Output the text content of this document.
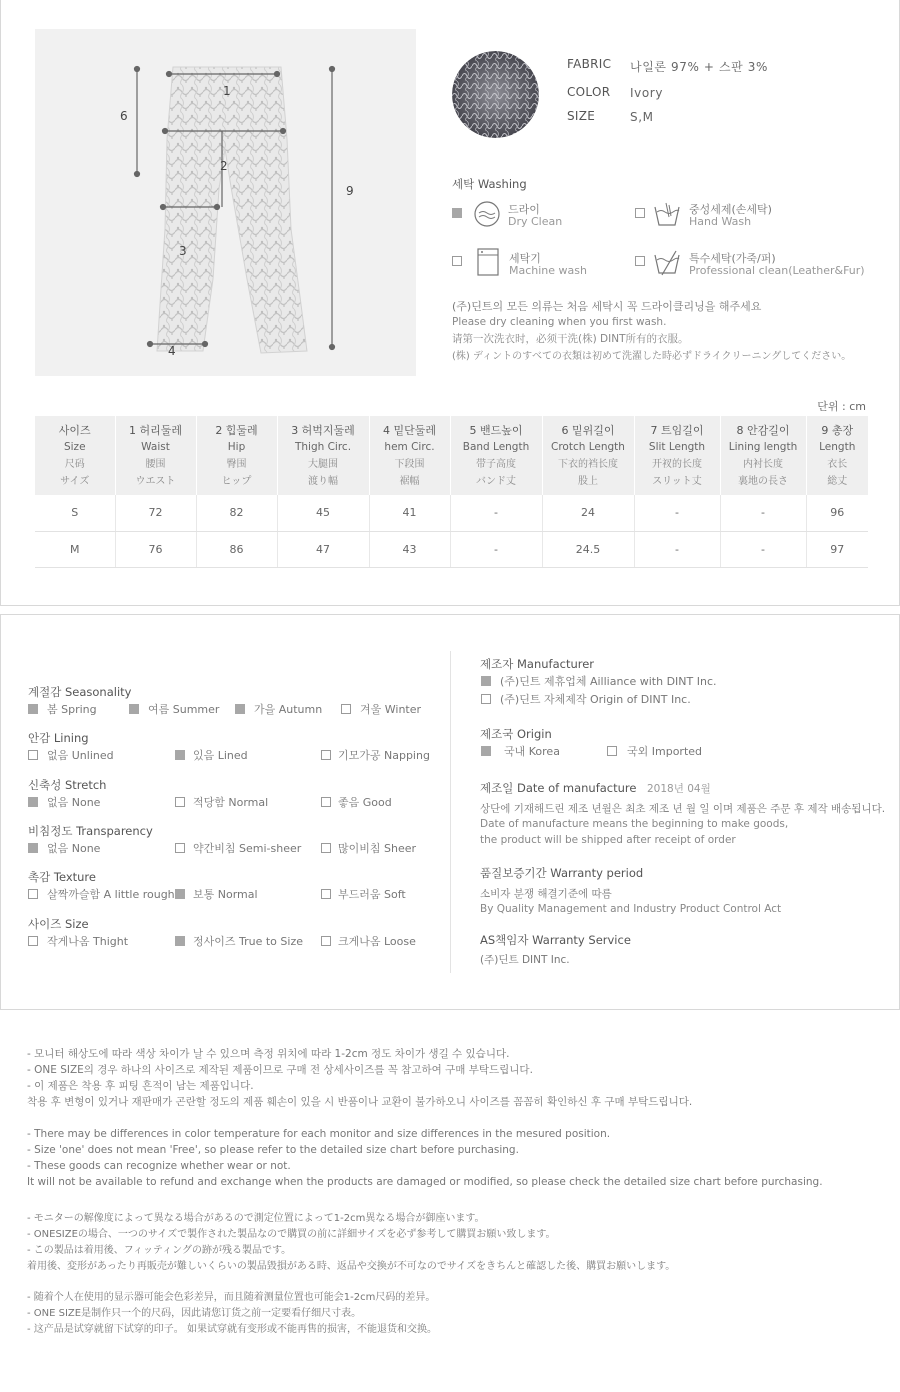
1
2
3
4
6
9
FABRIC 나일론 97% + 스판 3%
COLOR Ivory
SIZE	S,M
세탁 Washing
드라이
Dry Clean
중성세제(손세탁)
Hand Wash
세탁기
Machine wash
특수세탁(가죽/퍼)
Professional clean(Leather&Fur)
(주)딘트의 모든 의류는 처음 세탁시 꼭 드라이클리닝을 해주세요
Please dry cleaning when you first wash.
请第一次洗衣时，必须干洗(株) DINT所有的衣服。
(株) ディントのすべての衣類は初めて洗濯した時必ずドライクリーニングしてください。
단위 : cm
사이즈
Size
尺码
サイズ	1 허리둘레
Waist
腰围
ウエスト	2 힙둘레
Hip
臀围
ヒップ	3 허벅지둘레
Thigh Circ.
大腿围
渡り幅	4 밑단둘레
hem Circ.
下段围
裾幅	5 밴드높이
Band Length
带子高度
バンド丈	6 밑위길이
Crotch Length
下衣的裆长度
股上	7 트임길이
Slit Length
开衩的长度
スリット丈	8 안감길이
Lining length
内衬长度
裏地の長さ	9 총장
Length
衣长
総丈

S	72	82	45	41	-	24	-	-	96
M	76	86	47	43	-	24.5	-	-	97
계절감 Seasonality
봄 Spring	여름 Summer	가을 Autumn	겨울 Winter
안감 Lining
없음 Unlined	있음 Lined	기모가공 Napping
신축성 Stretch
없음 None	적당함 Normal	좋음 Good
비침정도 Transparency
없음 None	약간비침 Semi-sheer	많이비침 Sheer
촉감 Texture
살짝까슬함 A little rough 보통 Normal	부드러움 Soft
사이즈 Size
작게나옴 Thight	정사이즈 True to Size	크게나옴 Loose
제조자 Manufacturer
(주)딘트 제휴업체 Ailliance with DINT Inc.
(주)딘트 자체제작 Origin of DINT Inc.
제조국 Origin
국내 Korea	국외 Imported
제조일 Date of manufacture 2018년 04월
상단에 기재해드린 제조 년월은 최초 제조 년 월 일 이며 제품은 주문 후 제작 배송됩니다.
Date of manufacture means the beginning to make goods,
the product will be shipped after receipt of order
품질보증기간 Warranty period
소비자 분쟁 해결기준에 따름
By Quality Management and Industry Product Control Act
AS책임자 Warranty Service
(주)딘트 DINT Inc.
- 모니터 해상도에 따라 색상 차이가 날 수 있으며 측정 위치에 따라 1-2cm 정도 차이가 생길 수 있습니다.
- ONE SIZE의 경우 하나의 사이즈로 제작된 제품이므로 구매 전 상세사이즈를 꼭 참고하여 구매 부탁드립니다.
- 이 제품은 착용 후 피팅 흔적이 남는 제품입니다.
착용 후 변형이 있거나 재판매가 곤란할 정도의 제품 훼손이 있을 시 반품이나 교환이 불가하오니 사이즈를 꼼꼼히 확인하신 후 구매 부탁드립니다.
- There may be differences in color temperature for each monitor and size differences in the mesured position.
- Size 'one' does not mean 'Free', so please refer to the detailed size chart before purchasing.
- These goods can recognize whether wear or not.
It will not be available to refund and exchange when the products are damaged or modified, so please check the detailed size chart before purchasing.
- モニターの解像度によって異なる場合があるので測定位置によって1-2cm異なる場合が御座います。
- ONESIZEの場合、一つのサイズで製作された製品なので購買の前に詳細サイズを必ず参考して購買お願い致します。
- この製品は着用後、フィッティングの跡が残る製品です。
着用後、変形があったり再販売が難しいくらいの製品毀損がある時、返品や交換が不可なのでサイズをきちんと確認した後、購買お願いします。
- 随着个人在使用的显示器可能会色彩差异，而且随着测量位置也可能会1-2cm尺码的差异。
- ONE SIZE是制作只一个的尺码，因此请您订货之前一定要看仔细尺寸表。
- 这产品是试穿就留下试穿的印子。 如果试穿就有变形或不能再售的损害，不能退货和交换。
